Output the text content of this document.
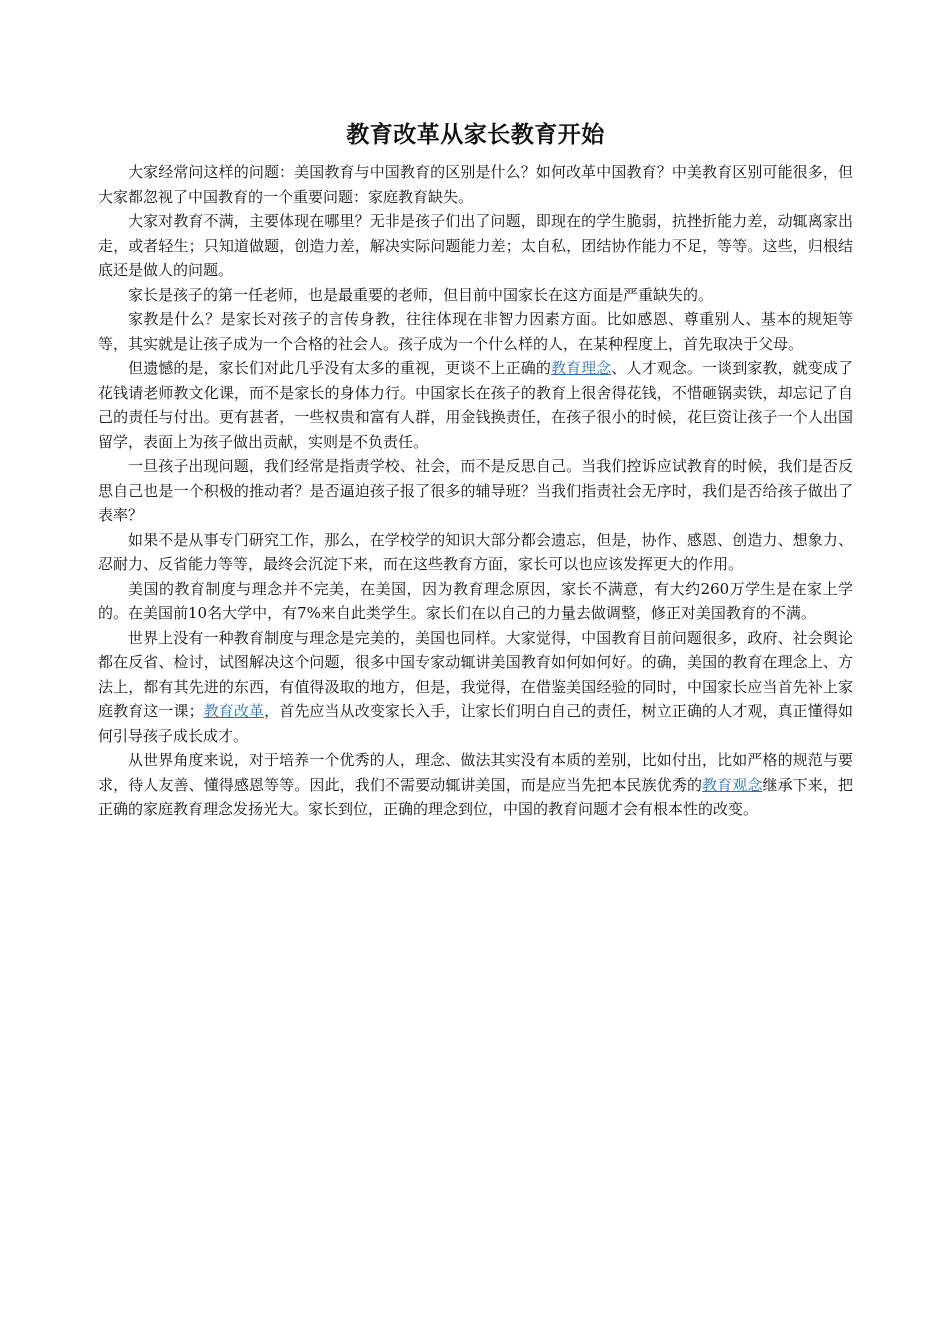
教育改革从家长教育开始

大家经常问这样的问题：美国教育与中国教育的区别是什么？如何改革中国教育？中美教育区别可能很多，但大家都忽视了中国教育的一个重要问题：家庭教育缺失。

大家对教育不满，主要体现在哪里？无非是孩子们出了问题，即现在的学生脆弱，抗挫折能力差，动辄离家出走，或者轻生；只知道做题，创造力差，解决实际问题能力差；太自私，团结协作能力不足，等等。这些，归根结底还是做人的问题。

家长是孩子的第一任老师，也是最重要的老师，但目前中国家长在这方面是严重缺失的。

家教是什么？是家长对孩子的言传身教，往往体现在非智力因素方面。比如感恩、尊重别人、基本的规矩等等，其实就是让孩子成为一个合格的社会人。孩子成为一个什么样的人，在某种程度上，首先取决于父母。

但遗憾的是，家长们对此几乎没有太多的重视，更谈不上正确的教育理念、人才观念。一谈到家教，就变成了花钱请老师教文化课，而不是家长的身体力行。中国家长在孩子的教育上很舍得花钱，不惜砸锅卖铁，却忘记了自己的责任与付出。更有甚者，一些权贵和富有人群，用金钱换责任，在孩子很小的时候，花巨资让孩子一个人出国留学，表面上为孩子做出贡献，实则是不负责任。

一旦孩子出现问题，我们经常是指责学校、社会，而不是反思自己。当我们控诉应试教育的时候，我们是否反思自己也是一个积极的推动者？是否逼迫孩子报了很多的辅导班？当我们指责社会无序时，我们是否给孩子做出了表率？

如果不是从事专门研究工作，那么，在学校学的知识大部分都会遗忘，但是，协作、感恩、创造力、想象力、忍耐力、反省能力等等，最终会沉淀下来，而在这些教育方面，家长可以也应该发挥更大的作用。

美国的教育制度与理念并不完美，在美国，因为教育理念原因，家长不满意，有大约260万学生是在家上学的。在美国前10名大学中，有7%来自此类学生。家长们在以自己的力量去做调整，修正对美国教育的不满。

世界上没有一种教育制度与理念是完美的，美国也同样。大家觉得，中国教育目前问题很多，政府、社会舆论都在反省、检讨，试图解决这个问题，很多中国专家动辄讲美国教育如何如何好。的确，美国的教育在理念上、方法上，都有其先进的东西，有值得汲取的地方，但是，我觉得，在借鉴美国经验的同时，中国家长应当首先补上家庭教育这一课；教育改革，首先应当从改变家长入手，让家长们明白自己的责任，树立正确的人才观，真正懂得如何引导孩子成长成才。

从世界角度来说，对于培养一个优秀的人，理念、做法其实没有本质的差别，比如付出，比如严格的规范与要求，待人友善、懂得感恩等等。因此，我们不需要动辄讲美国，而是应当先把本民族优秀的教育观念继承下来，把正确的家庭教育理念发扬光大。家长到位，正确的理念到位，中国的教育问题才会有根本性的改变。
